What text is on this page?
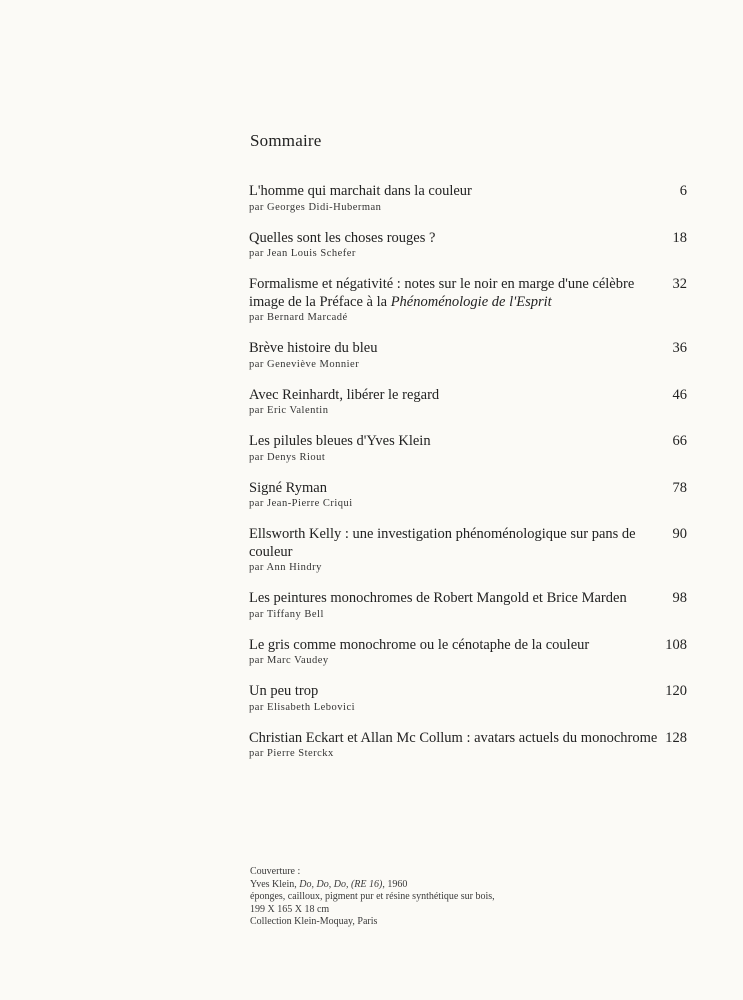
Sommaire
L'homme qui marchait dans la couleur
par Georges Didi-Huberman
6
Quelles sont les choses rouges ?
par Jean Louis Schefer
18
Formalisme et négativité : notes sur le noir en marge d'une célèbre image de la Préface à la Phénoménologie de l'Esprit
par Bernard Marcadé
32
Brève histoire du bleu
par Geneviève Monnier
36
Avec Reinhardt, libérer le regard
par Eric Valentin
46
Les pilules bleues d'Yves Klein
par Denys Riout
66
Signé Ryman
par Jean-Pierre Criqui
78
Ellsworth Kelly : une investigation phénoménologique sur pans de couleur
par Ann Hindry
90
Les peintures monochromes de Robert Mangold et Brice Marden
par Tiffany Bell
98
Le gris comme monochrome ou le cénotaphe de la couleur
par Marc Vaudey
108
Un peu trop
par Elisabeth Lebovici
120
Christian Eckart et Allan Mc Collum : avatars actuels du monochrome
par Pierre Sterckx
128
Couverture :
Yves Klein, Do, Do, Do, (RE 16), 1960
éponges, cailloux, pigment pur et résine synthétique sur bois,
199 X 165 X 18 cm
Collection Klein-Moquay, Paris
